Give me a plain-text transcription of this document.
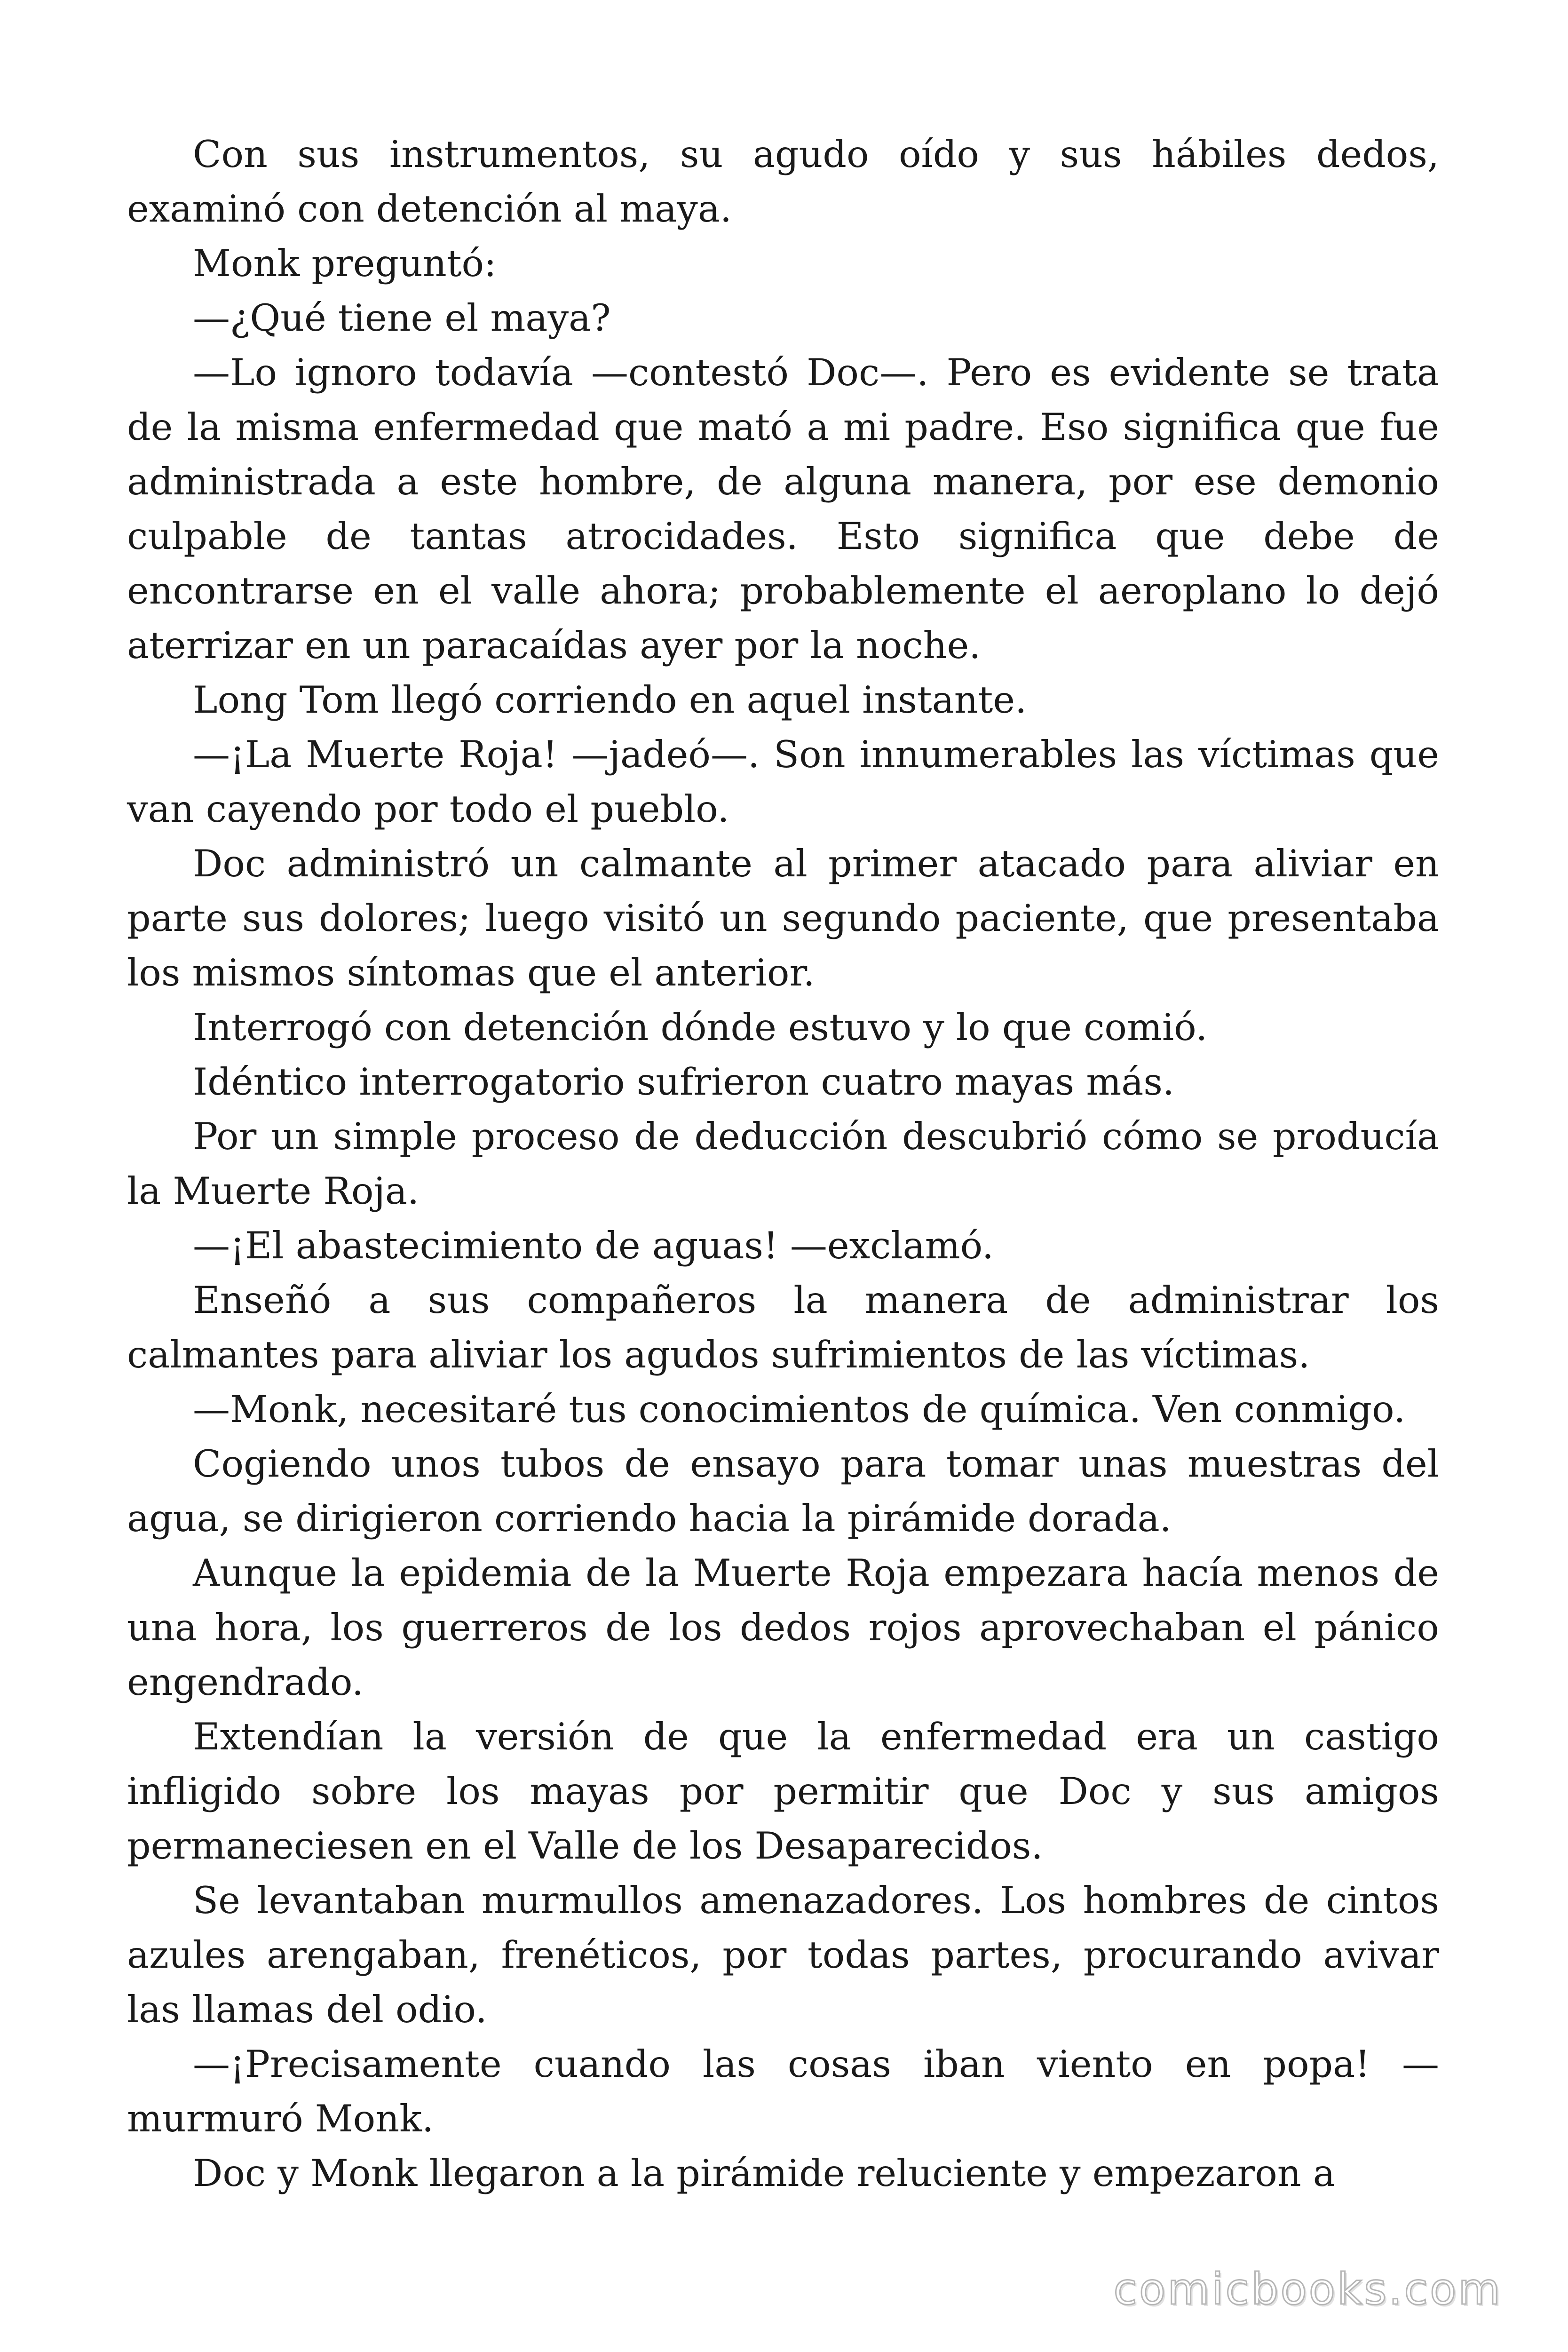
Con sus instrumentos, su agudo oído y sus hábiles dedos, examinó con detención al maya.

Monk preguntó:

—¿Qué tiene el maya?

—Lo ignoro todavía —contestó Doc—. Pero es evidente se trata de la misma enfermedad que mató a mi padre. Eso significa que fue administrada a este hombre, de alguna manera, por ese demonio culpable de tantas atrocidades. Esto significa que debe de encontrarse en el valle ahora; probablemente el aeroplano lo dejó aterrizar en un paracaídas ayer por la noche.

Long Tom llegó corriendo en aquel instante.

—¡La Muerte Roja! —jadeó—. Son innumerables las víctimas que van cayendo por todo el pueblo.

Doc administró un calmante al primer atacado para aliviar en parte sus dolores; luego visitó un segundo paciente, que presentaba los mismos síntomas que el anterior.

Interrogó con detención dónde estuvo y lo que comió.

Idéntico interrogatorio sufrieron cuatro mayas más.

Por un simple proceso de deducción descubrió cómo se producía la Muerte Roja.

—¡El abastecimiento de aguas! —exclamó.

Enseñó a sus compañeros la manera de administrar los calmantes para aliviar los agudos sufrimientos de las víctimas.

—Monk, necesitaré tus conocimientos de química. Ven conmigo.

Cogiendo unos tubos de ensayo para tomar unas muestras del agua, se dirigieron corriendo hacia la pirámide dorada.

Aunque la epidemia de la Muerte Roja empezara hacía menos de una hora, los guerreros de los dedos rojos aprovechaban el pánico engendrado.

Extendían la versión de que la enfermedad era un castigo infligido sobre los mayas por permitir que Doc y sus amigos permaneciesen en el Valle de los Desaparecidos.

Se levantaban murmullos amenazadores. Los hombres de cintos azules arengaban, frenéticos, por todas partes, procurando avivar las llamas del odio.

—¡Precisamente cuando las cosas iban viento en popa! —murmuró Monk.

Doc y Monk llegaron a la pirámide reluciente y empezaron a

comicbooks.com
